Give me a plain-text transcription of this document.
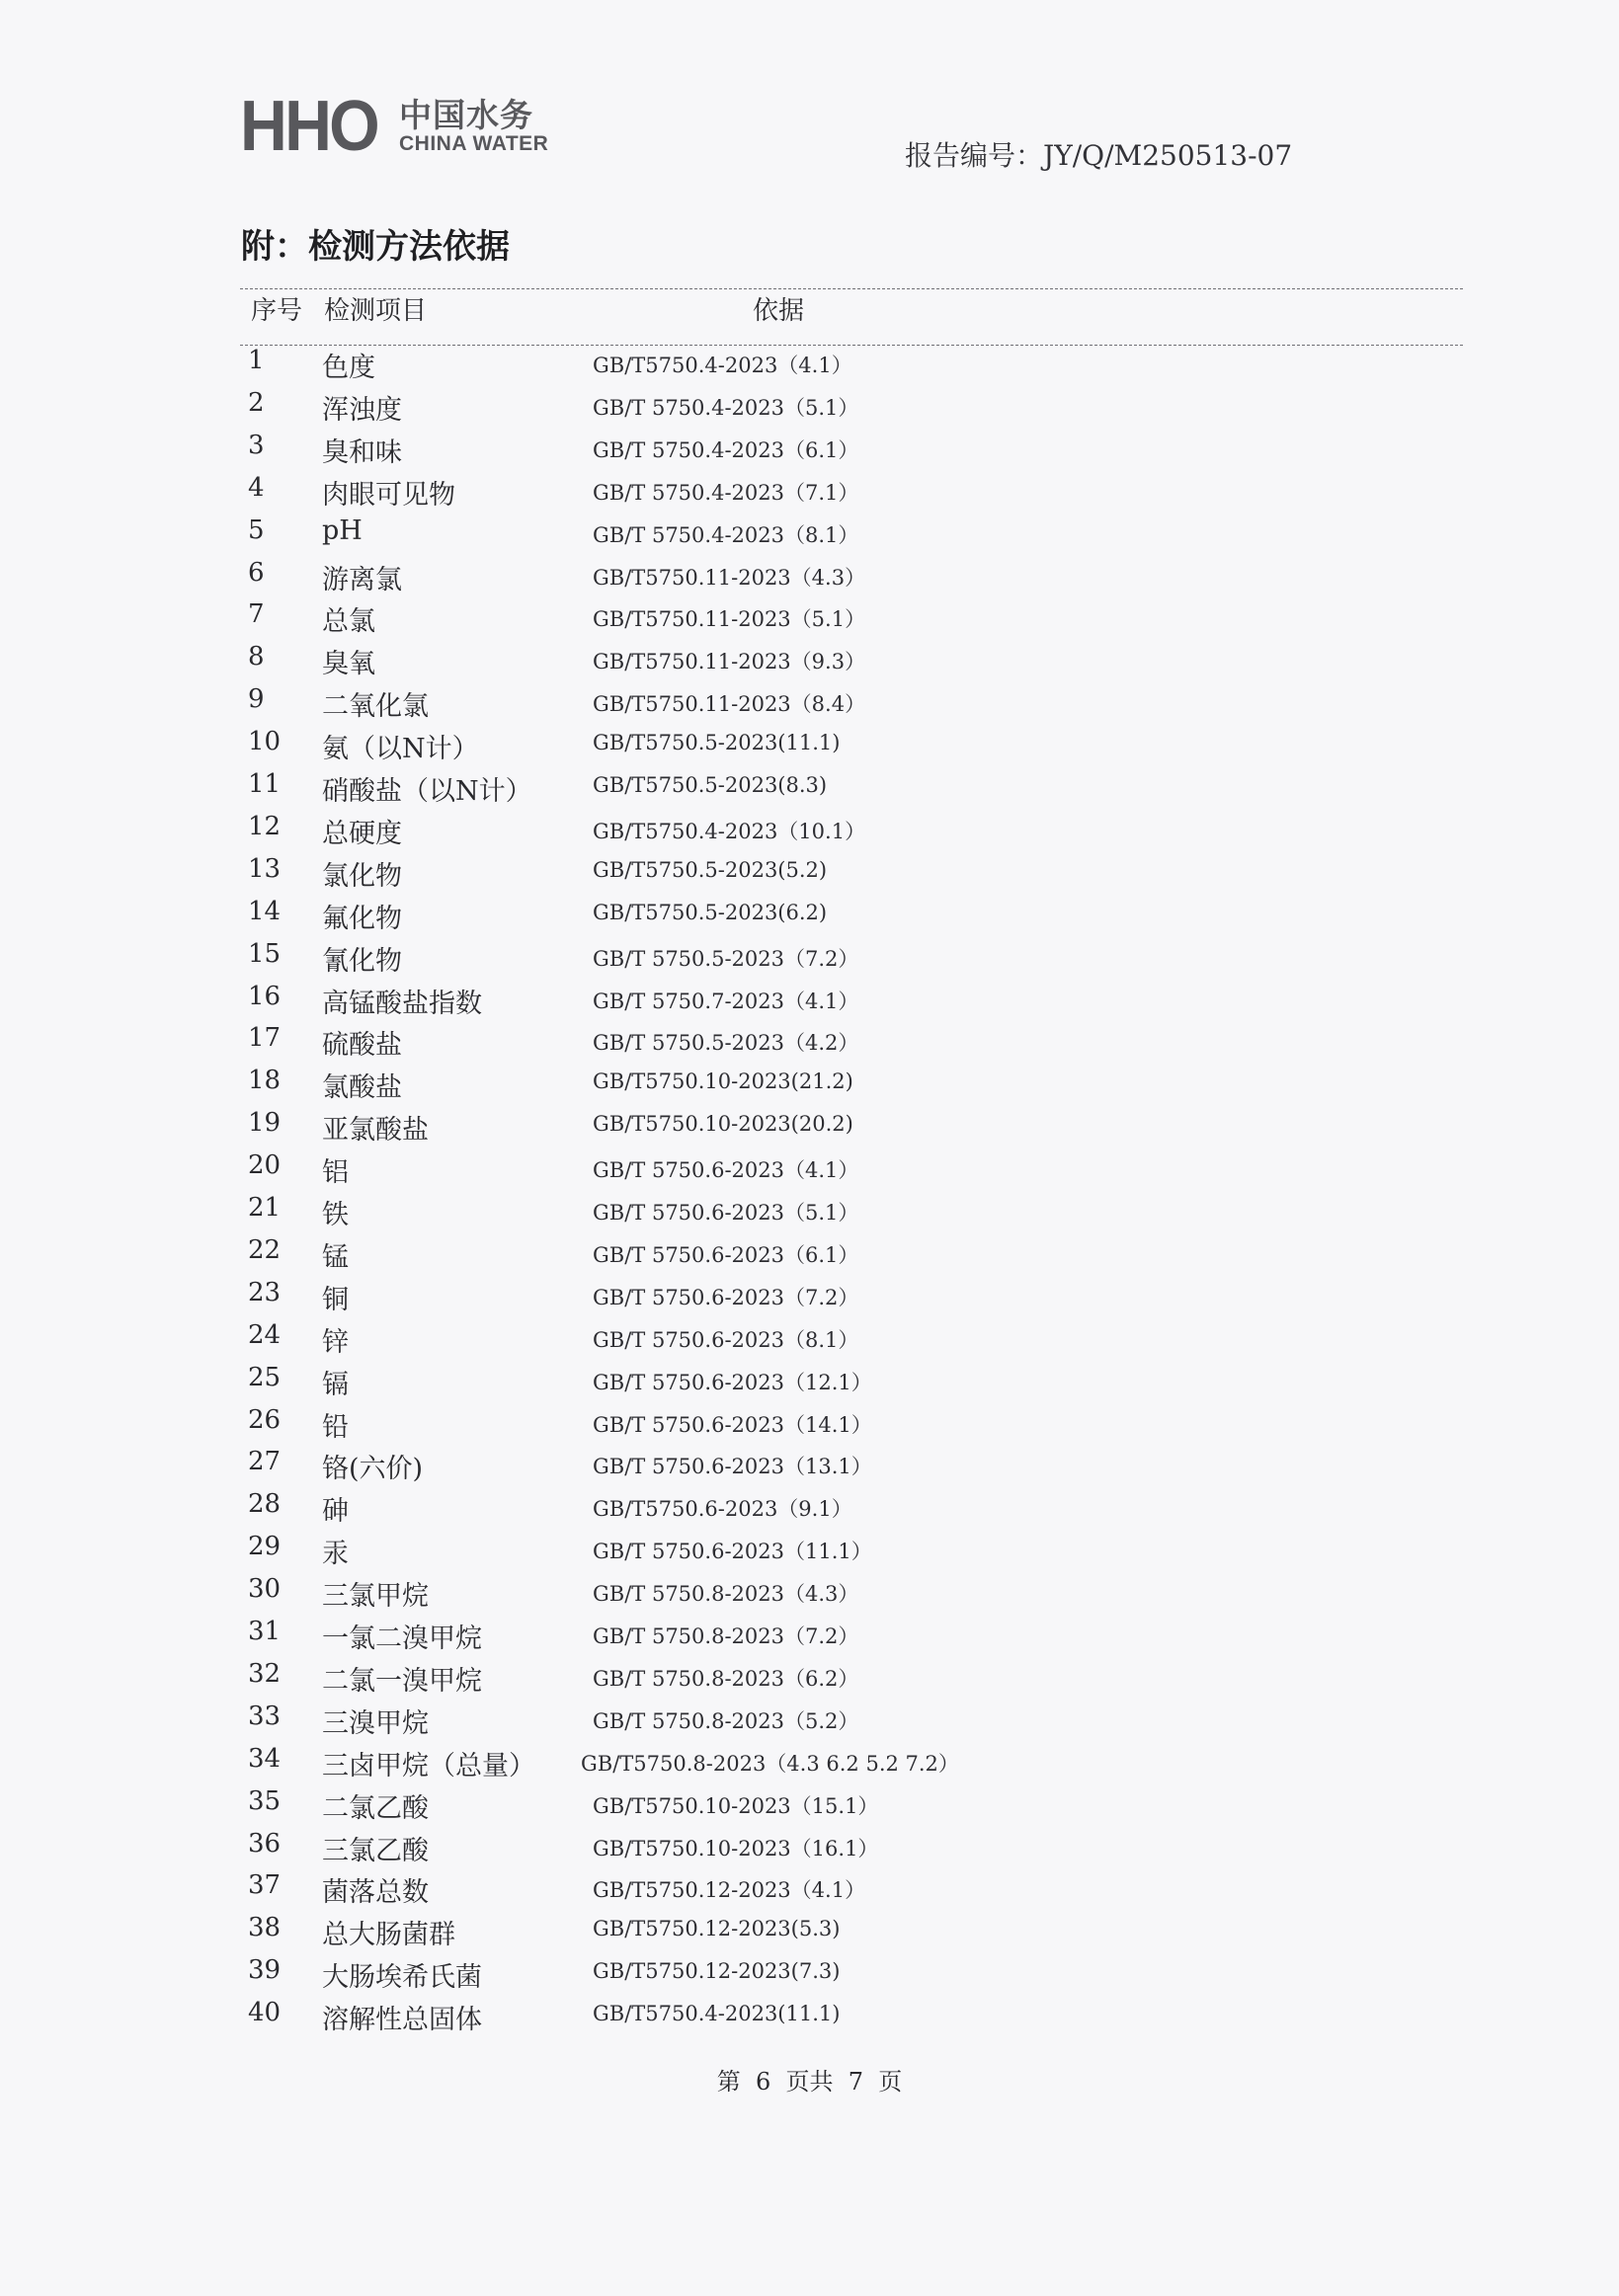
HHO 中国水务
CHINA WATER	报告编号：JY/Q/M250513-07
附：检测方法依据
序号 检测项目	依据
1	色度	GB/T5750.4-2023（4.1）
2	浑浊度	GB/T 5750.4-2023（5.1）
3	臭和味	GB/T 5750.4-2023（6.1）
4	肉眼可见物	GB/T 5750.4-2023（7.1）
5	pH	GB/T 5750.4-2023（8.1）
6	游离氯	GB/T5750.11-2023（4.3）
7	总氯	GB/T5750.11-2023（5.1）
8	臭氧	GB/T5750.11-2023（9.3）
9	二氧化氯	GB/T5750.11-2023（8.4）
10	氨（以N计）	GB/T5750.5-2023(11.1)
11	硝酸盐（以N计）	GB/T5750.5-2023(8.3)
12	总硬度	GB/T5750.4-2023（10.1）
13	氯化物	GB/T5750.5-2023(5.2)
14	氟化物	GB/T5750.5-2023(6.2)
15	氰化物	GB/T 5750.5-2023（7.2）
16	高锰酸盐指数	GB/T 5750.7-2023（4.1）
17	硫酸盐	GB/T 5750.5-2023（4.2）
18	氯酸盐	GB/T5750.10-2023(21.2)
19	亚氯酸盐	GB/T5750.10-2023(20.2)
20	铝	GB/T 5750.6-2023（4.1）
21	铁	GB/T 5750.6-2023（5.1）
22	锰	GB/T 5750.6-2023（6.1）
23	铜	GB/T 5750.6-2023（7.2）
24	锌	GB/T 5750.6-2023（8.1）
25	镉	GB/T 5750.6-2023（12.1）
26	铅	GB/T 5750.6-2023（14.1）
27	铬(六价)	GB/T 5750.6-2023（13.1）
28	砷	GB/T5750.6-2023（9.1）
29	汞	GB/T 5750.6-2023（11.1）
30	三氯甲烷	GB/T 5750.8-2023（4.3）
31	一氯二溴甲烷	GB/T 5750.8-2023（7.2）
32	二氯一溴甲烷	GB/T 5750.8-2023（6.2）
33	三溴甲烷	GB/T 5750.8-2023（5.2）
34	三卤甲烷（总量） GB/T5750.8-2023（4.3 6.2 5.2 7.2）
35	二氯乙酸	GB/T5750.10-2023（15.1）
36	三氯乙酸	GB/T5750.10-2023（16.1）
37	菌落总数	GB/T5750.12-2023（4.1）
38	总大肠菌群	GB/T5750.12-2023(5.3)
39	大肠埃希氏菌	GB/T5750.12-2023(7.3)
40	溶解性总固体	GB/T5750.4-2023(11.1)
第  6  页共  7  页
